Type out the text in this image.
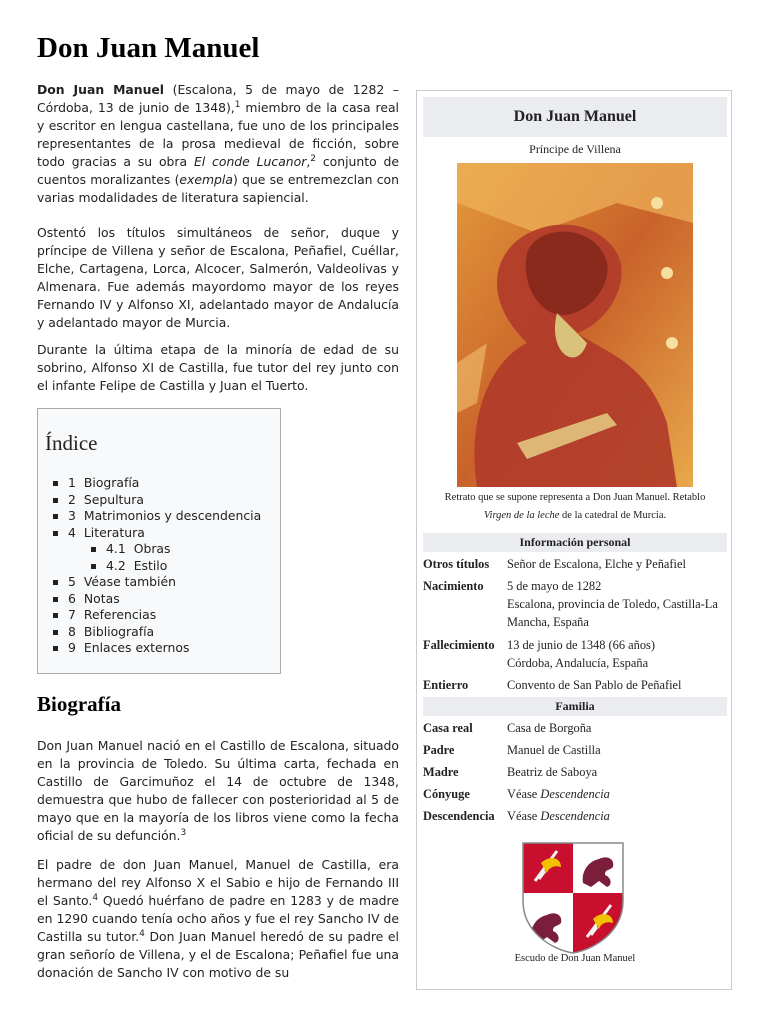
Don Juan Manuel

Don Juan Manuel (Escalona, 5 de mayo de 1282 – Córdoba, 13 de junio de 1348),$^1$ miembro de la casa real y escritor en lengua castellana, fue uno de los principales representantes de la prosa medieval de ficción, sobre todo gracias a su obra El conde Lucanor,$^2$ conjunto de cuentos moralizantes (exempla) que se entremezclan con varias modalidades de literatura sapiencial.

Ostentó los títulos simultáneos de señor, duque y príncipe de Villena y señor de Escalona, Peñafiel, Cuéllar, Elche, Cartagena, Lorca, Alcocer, Salmerón, Valdeolivas y Almenara. Fue además mayordomo mayor de los reyes Fernando IV y Alfonso XI, adelantado mayor de Andalucía y adelantado mayor de Murcia.

Durante la última etapa de la minoría de edad de su sobrino, Alfonso XI de Castilla, fue tutor del rey junto con el infante Felipe de Castilla y Juan el Tuerto.

Índice
1 Biografía
2 Sepultura
3 Matrimonios y descendencia
4 Literatura
4.1 Obras
4.2 Estilo
5 Véase también
6 Notas
7 Referencias
8 Bibliografía
9 Enlaces externos
Biografía

Don Juan Manuel nació en el Castillo de Escalona, situado en la provincia de Toledo. Su última carta, fechada en Castillo de Garcimuñoz el 14 de octubre de 1348, demuestra que hubo de fallecer con posterioridad al 5 de mayo que en la mayoría de los libros viene como la fecha oficial de su defunción.$^3$

El padre de don Juan Manuel, Manuel de Castilla, era hermano del rey Alfonso X el Sabio e hijo de Fernando III el Santo.$^4$ Quedó huérfano de padre en 1283 y de madre en 1290 cuando tenía ocho años y fue el rey Sancho IV de Castilla su tutor.$^4$ Don Juan Manuel heredó de su padre el gran señorío de Villena, y el de Escalona; Peñafiel fue una donación de Sancho IV con motivo de su

Don Juan Manuel
Príncipe de Villena
Retrato que se supone representa a Don Juan Manuel. Retablo
Virgen de la leche de la catedral de Murcia.
Información personal
Otros títulos	Señor de Escalona, Elche y Peñafiel
Nacimiento	5 de mayo de 1282
Escalona, provincia de Toledo, Castilla-La Mancha, España
Fallecimiento	13 de junio de 1348 (66 años)
Córdoba, Andalucía, España
Entierro	Convento de San Pablo de Peñafiel
Familia
Casa real	Casa de Borgoña
Padre	Manuel de Castilla
Madre	Beatriz de Saboya
Cónyuge	Véase Descendencia
Descendencia	Véase Descendencia
Escudo de Don Juan Manuel
